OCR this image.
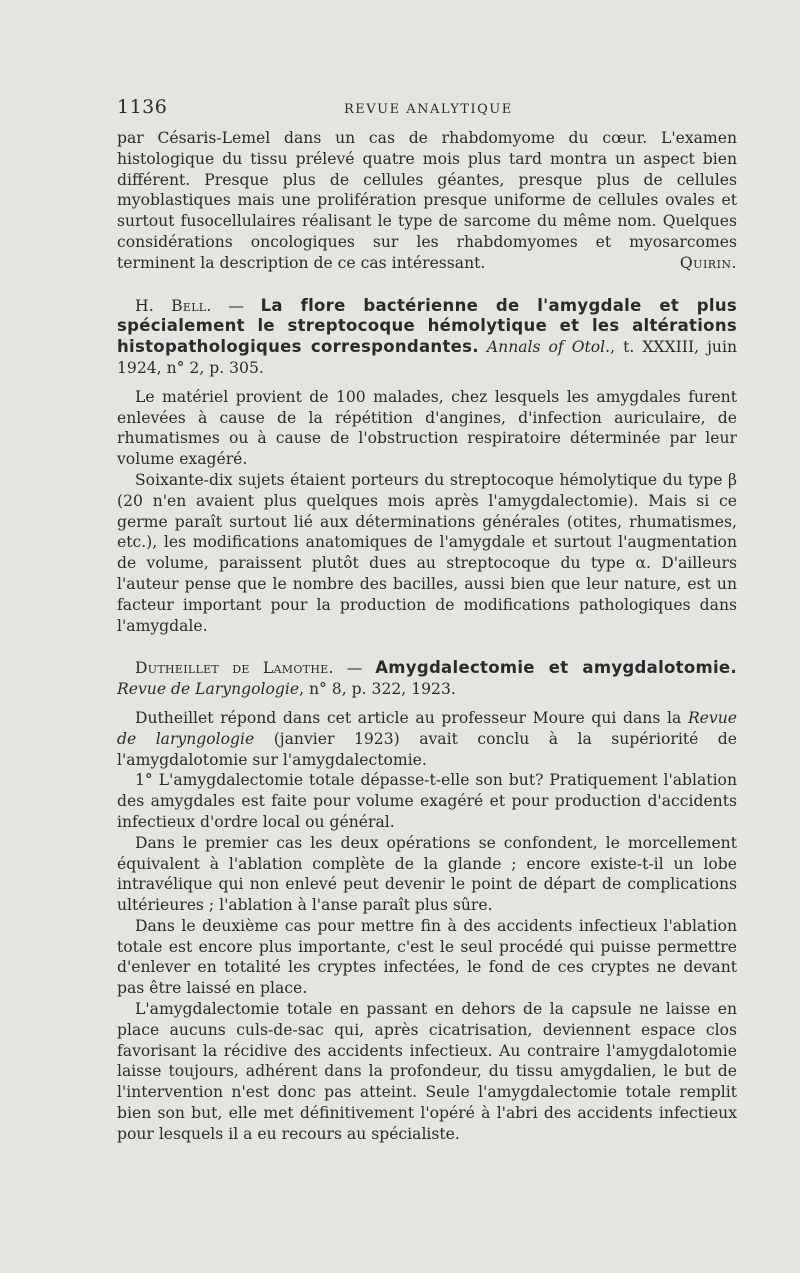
1136	REVUE ANALYTIQUE

par Césaris-Lemel dans un cas de rhabdomyome du cœur. L'examen histologique du tissu prélevé quatre mois plus tard montra un aspect bien différent. Presque plus de cellules géantes, presque plus de cellules myoblastiques mais une prolifération presque uniforme de cellules ovales et surtout fusocellulaires réalisant le type de sarcome du même nom. Quelques considérations oncologiques sur les rhabdomyomes et myosarcomes terminent la description de ce cas intéressant.	Quirin.

H. Bell. — La flore bactérienne de l'amygdale et plus spécialement le streptocoque hémolytique et les altérations histopathologiques correspondantes. Annals of Otol., t. XXXIII, juin 1924, n° 2, p. 305.

Le matériel provient de 100 malades, chez lesquels les amygdales furent enlevées à cause de la répétition d'angines, d'infection auriculaire, de rhumatismes ou à cause de l'obstruction respiratoire déterminée par leur volume exagéré.

Soixante-dix sujets étaient porteurs du streptocoque hémolytique du type β (20 n'en avaient plus quelques mois après l'amygdalectomie). Mais si ce germe paraît surtout lié aux déterminations générales (otites, rhumatismes, etc.), les modifications anatomiques de l'amygdale et surtout l'augmentation de volume, paraissent plutôt dues au streptocoque du type α. D'ailleurs l'auteur pense que le nombre des bacilles, aussi bien que leur nature, est un facteur important pour la production de modifications pathologiques dans l'amygdale.

Dutheillet de Lamothe. — Amygdalectomie et amygdalotomie. Revue de Laryngologie, n° 8, p. 322, 1923.

Dutheillet répond dans cet article au professeur Moure qui dans la Revue de laryngologie (janvier 1923) avait conclu à la supériorité de l'amygdalotomie sur l'amygdalectomie.

1° L'amygdalectomie totale dépasse-t-elle son but? Pratiquement l'ablation des amygdales est faite pour volume exagéré et pour production d'accidents infectieux d'ordre local ou général.

Dans le premier cas les deux opérations se confondent, le morcellement équivalent à l'ablation complète de la glande ; encore existe-t-il un lobe intravélique qui non enlevé peut devenir le point de départ de complications ultérieures ; l'ablation à l'anse paraît plus sûre.

Dans le deuxième cas pour mettre fin à des accidents infectieux l'ablation totale est encore plus importante, c'est le seul procédé qui puisse permettre d'enlever en totalité les cryptes infectées, le fond de ces cryptes ne devant pas être laissé en place.

L'amygdalectomie totale en passant en dehors de la capsule ne laisse en place aucuns culs-de-sac qui, après cicatrisation, deviennent espace clos favorisant la récidive des accidents infectieux. Au contraire l'amygdalotomie laisse toujours, adhérent dans la profondeur, du tissu amygdalien, le but de l'intervention n'est donc pas atteint. Seule l'amygdalectomie totale remplit bien son but, elle met définitivement l'opéré à l'abri des accidents infectieux pour lesquels il a eu recours au spécialiste.
